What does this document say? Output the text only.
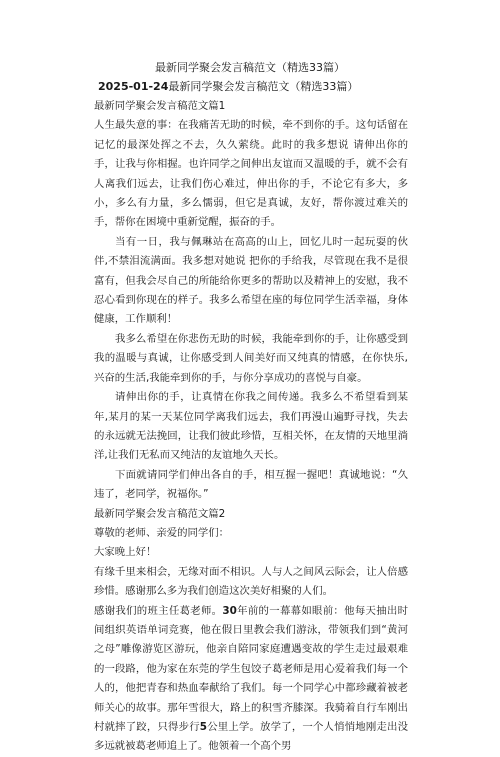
最新同学聚会发言稿范文（精选33篇）
2025-01-24最新同学聚会发言稿范文（精选33篇）

最新同学聚会发言稿范文篇1

人生最失意的事：在我痛苦无助的时候，牵不到你的手。这句话留在记忆的最深处挥之不去，久久萦绕。此时的我多想说 请伸出你的手，让我与你相握。也许同学之间伸出友谊而又温暖的手，就不会有人离我们远去，让我们伤心难过，伸出你的手，不论它有多大，多小，多么有力量，多么懦弱，但它是真诚，友好，帮你渡过难关的手，帮你在困境中重新觉醒，振奋的手。

当有一日，我与佩琳站在高高的山上，回忆儿时一起玩耍的伙伴,不禁泪流满面。我多想对她说 把你的手给我，尽管现在我不是很富有，但我会尽自己的所能给你更多的帮助以及精神上的安慰，我不忍心看到你现在的样子。我多么希望在座的每位同学生活幸福，身体健康，工作顺利！

我多么希望在你悲伤无助的时候，我能牵到你的手，让你感受到我的温暖与真诚，让你感受到人间美好而又纯真的情感，在你快乐,兴奋的生活,我能牵到你的手，与你分享成功的喜悦与自豪。

请伸出你的手，让真情在你我之间传递。我多么不希望看到某年,某月的某一天某位同学离我们远去，我们再漫山遍野寻找，失去的永远就无法挽回，让我们彼此珍惜，互相关怀，在友情的天地里淌洋,让我们无私而又纯洁的友谊地久天长。

下面就请同学们伸出各自的手，相互握一握吧！真诚地说：“久违了，老同学，祝福你。”

最新同学聚会发言稿范文篇2

尊敬的老师、亲爱的同学们：

大家晚上好！

有缘千里来相会，无缘对面不相识。人与人之间风云际会，让人倍感珍惜。感谢那么多为我们创造这次美好相聚的人们。

感谢我们的班主任葛老师。30年前的一幕幕如眼前：他每天抽出时间组织英语单词竞赛，他在假日里教会我们游泳，带领我们到“黄河之母”雕像游览区游玩，他亲自陪同家庭遭遇变故的学生走过最艰难的一段路，他为家在东莞的学生包饺子葛老师是用心爱着我们每一个人的，他把青春和热血奉献给了我们。每一个同学心中都珍藏着被老师关心的故事。那年雪很大，路上的积雪齐膝深。我骑着自行车刚出村就摔了跤，只得步行5公里上学。放学了，一个人悄悄地刚走出没多远就被葛老师追上了。他领着一个高个男
